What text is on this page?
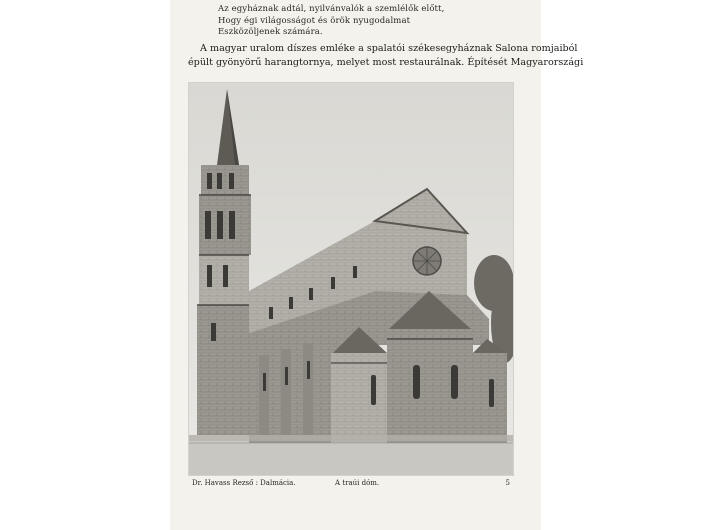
Az egyháznak adtál, nyilvánvalók a szemlélők előtt,
Hogy égi világosságot és örök nyugodalmat
Eszközöljenek számára.
A magyar uralom díszes emléke a spalatói székesegyháznak Salona romjaiból
épült gyönyörű harangtornya, melyet most restaurálnak. Építését Magyarországi
Dr. Havass Rezső : Dalmácia.	A traúi dóm.	5
